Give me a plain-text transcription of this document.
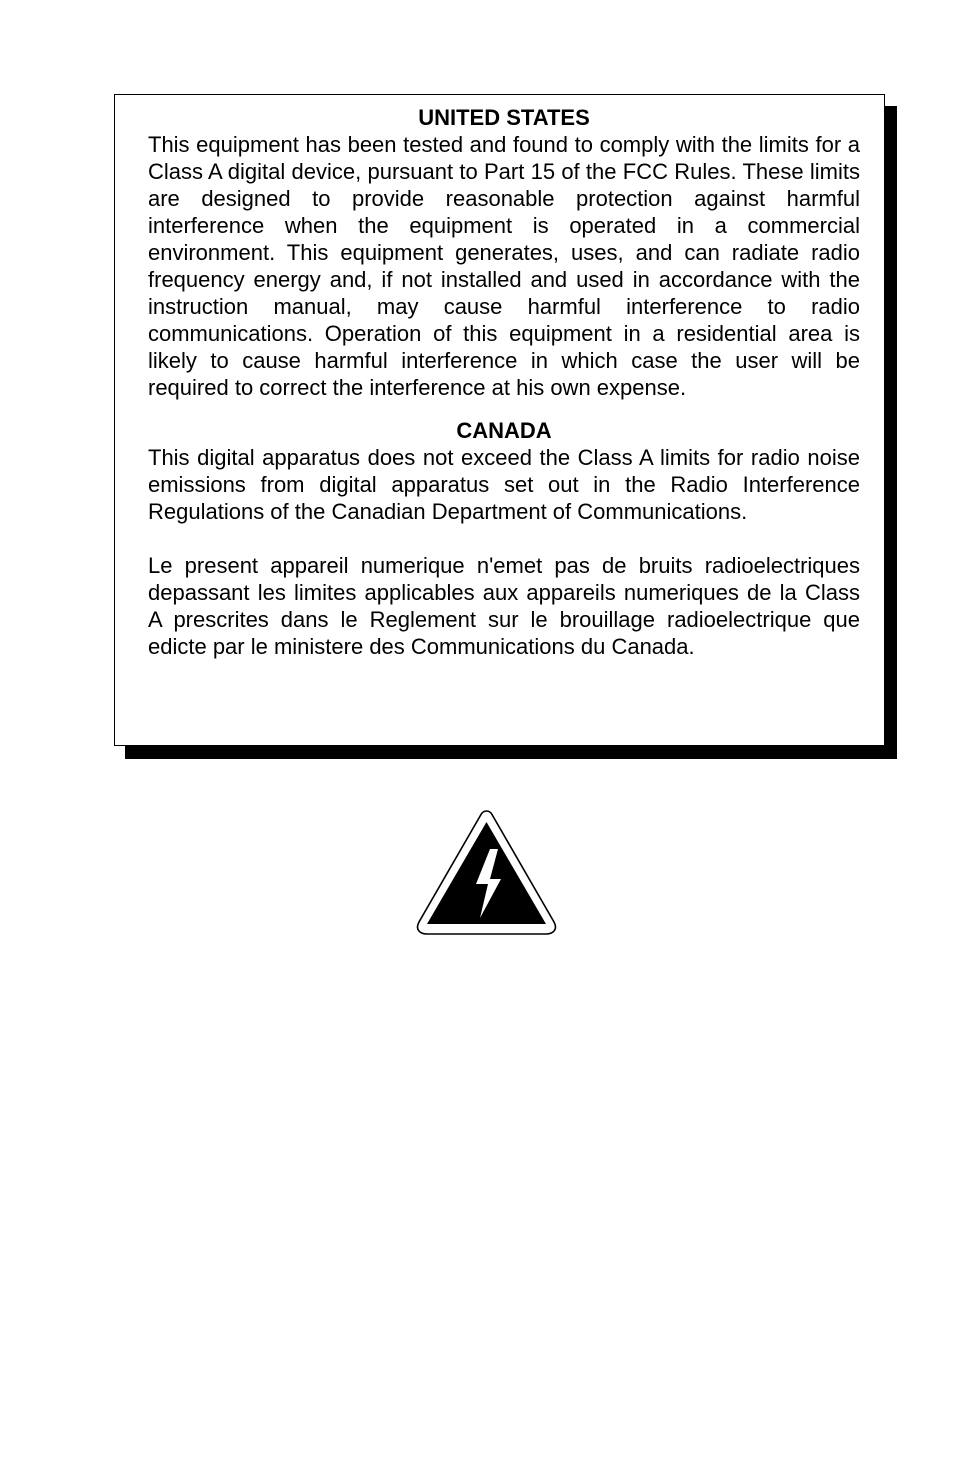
UNITED STATES

This equipment has been tested and found to comply with the limits for a Class A digital device, pursuant to Part 15 of the FCC Rules. These limits are designed to provide reasonable protection against harmful interference when the equipment is operated in a commercial environment. This equipment generates, uses, and can radiate radio frequency energy and, if not installed and used in accordance with the instruction manual, may cause harmful interference to radio communications. Operation of this equipment in a residential area is likely to cause harmful interference in which case the user will be required to correct the interference at his own expense.

CANADA

This digital apparatus does not exceed the Class A limits for radio noise emissions from digital apparatus set out in the Radio Interference Regulations of the Canadian Department of Communications.

Le present appareil numerique n'emet pas de bruits radioelectriques depassant les limites applicables aux appareils numeriques de la Class A prescrites dans le Reglement sur le brouillage radioelectrique que edicte par le ministere des Communications du Canada.
